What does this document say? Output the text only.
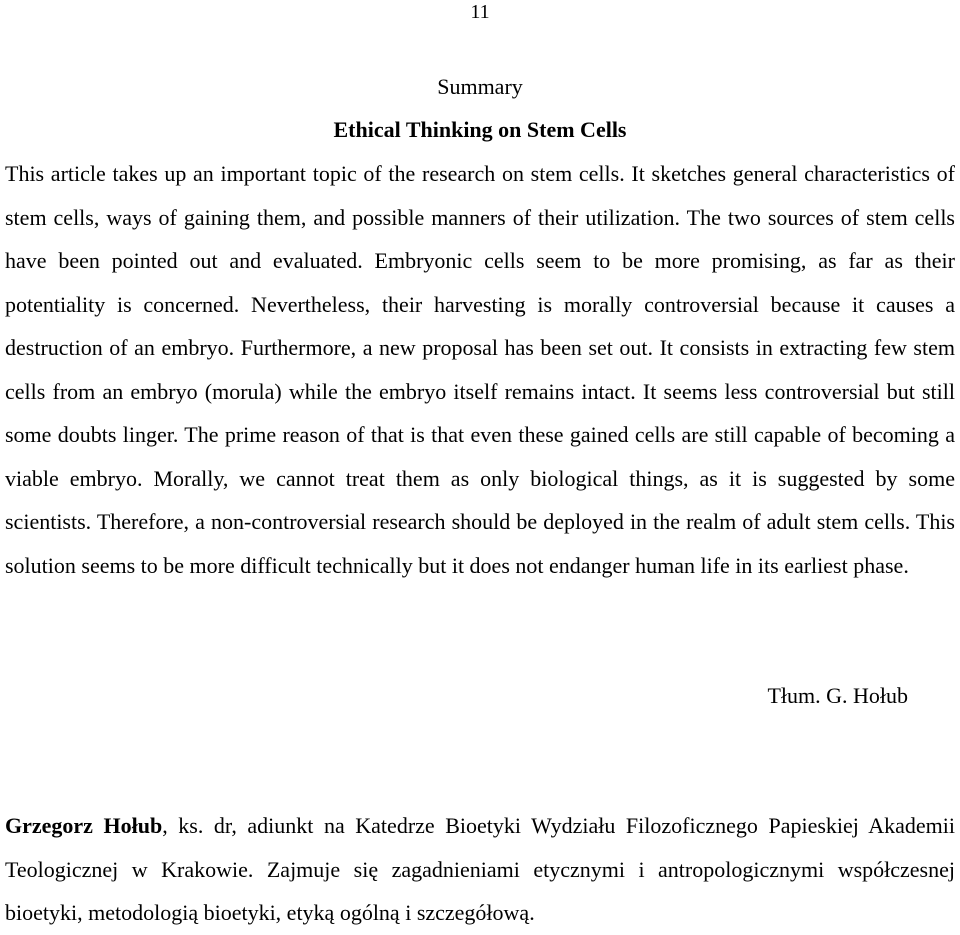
11
Summary
Ethical Thinking on Stem Cells

This article takes up an important topic of the research on stem cells. It sketches general characteristics of stem cells, ways of gaining them, and possible manners of their utilization. The two sources of stem cells have been pointed out and evaluated. Embryonic cells seem to be more promising, as far as their potentiality is concerned. Nevertheless, their harvesting is morally controversial because it causes a destruction of an embryo. Furthermore, a new proposal has been set out. It consists in extracting few stem cells from an embryo (morula) while the embryo itself remains intact. It seems less controversial but still some doubts linger. The prime reason of that is that even these gained cells are still capable of becoming a viable embryo. Morally, we cannot treat them as only biological things, as it is suggested by some scientists. Therefore, a non-controversial research should be deployed in the realm of adult stem cells. This solution seems to be more difficult technically but it does not endanger human life in its earliest phase.

Tłum. G. Hołub

Grzegorz Hołub, ks. dr, adiunkt na Katedrze Bioetyki Wydziału Filozoficznego Papieskiej Akademii Teologicznej w Krakowie. Zajmuje się zagadnieniami etycznymi i antropologicznymi współczesnej bioetyki, metodologią bioetyki, etyką ogólną i szczegółową.
